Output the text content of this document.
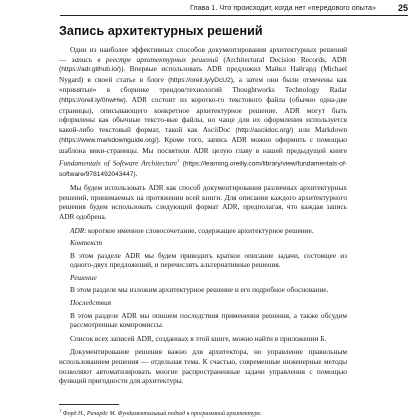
Глава 1. Что происходит, когда нет «передового опыта» 25
Запись архитектурных решений

Один из наиболее эффективных способов документирования архитектурных решений — запись в реестре архитектурных решений (Architectural Decision Records, ADR (https://adr.github.io/)). Впервые использовать ADR предложил Майкл Найгард (Michael Nygard) в своей статье в блоге (https://oreil.ly/yDcU2), а затем они были отмечены как «принятые» в сборнике трендов/технологий Thoughtworks Technology Radar (https://oreil.ly/0nwHw). ADR состоит из коротко-го текстового файла (обычно одна-две страницы), описывающего конкретное архитектурное решение. ADR могут быть оформлены как обычные тексто-вые файлы, но чаще для их оформления используется какой-либо текстовый формат, такой как AsciiDoc (http://asciidoc.org/) или Markdown (https://www.markdownguide.org/). Кроме того, запись ADR можно оформить с помощью шаблона вики-страницы. Мы посвятили ADR целую главу в нашей предыдущей книге Fundamentals of Software Architecture$^1$ (https://learning.oreilly.com/library/view/fundamentals-of-software/9781492043447).

Мы будем использовать ADR как способ документирования различных архитектурных решений, принимаемых на протяжении всей книги. Для описания каждого архитектурного решения будем использовать следующий формат ADR, предполагая, что каждая запись ADR одобрена.

ADR: короткое именное словосочетание, содержащее архитектурное решение.

Контекст

В этом разделе ADR мы будем приводить краткое описание задачи, состоящее из одного-двух предложений, и перечислять альтернативные решения.

Решение

В этом разделе мы изложим архитектурное решение и его подробное обоснование.

Последствия

В этом разделе ADR мы опишем последствия применения решения, а также обсудим рассмотренные компромиссы.

Список всех записей ADR, созданных в этой книге, можно найти в приложении Б.

Документирование решения важно для архитектора, но управление правильным использованием решения — отдельная тема. К счастью, современные инженерные методы позволяют автоматизировать многие распространенные задачи управления с помощью функций пригодности для архитектуры.

$^1$ Форд Н., Ричардс М. Фундаментальный подход к программной архитектуре.
